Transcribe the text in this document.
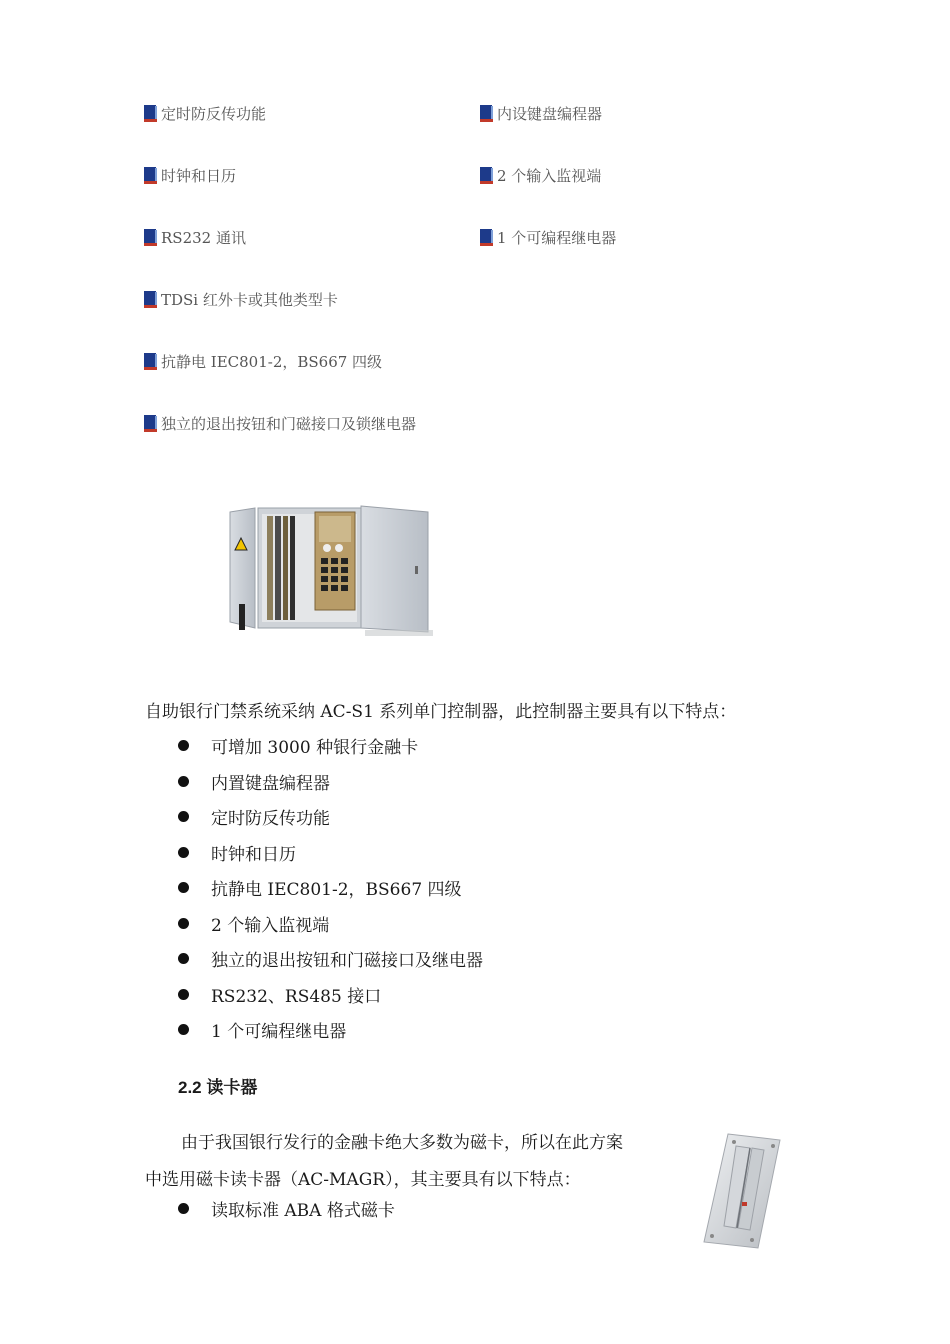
定时防反传功能
时钟和日历
RS232 通讯
TDSi 红外卡或其他类型卡
抗静电 IEC801-2，BS667 四级
独立的退出按钮和门磁接口及锁继电器
内设键盘编程器
2 个输入监视端
1 个可编程继电器
自助银行门禁系统采纳 AC-S1 系列单门控制器，此控制器主要具有以下特点：
可增加 3000 种银行金融卡
内置键盘编程器
定时防反传功能
时钟和日历
抗静电 IEC801-2，BS667 四级
2 个输入监视端
独立的退出按钮和门磁接口及继电器
RS232、RS485 接口
1 个可编程继电器
2.2 读卡器
由于我国银行发行的金融卡绝大多数为磁卡，所以在此方案
中选用磁卡读卡器（AC-MAGR），其主要具有以下特点：
读取标准 ABA 格式磁卡
